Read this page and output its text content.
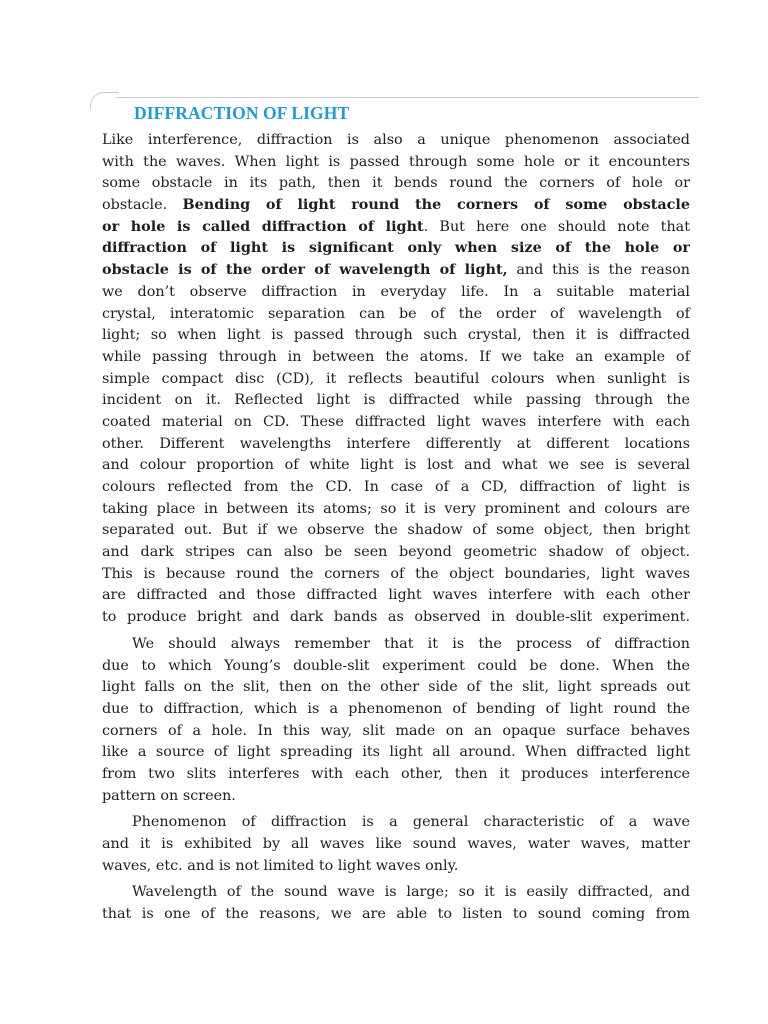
DIFFRACTION OF LIGHT
Like interference, diffraction is also a unique phenomenon associated
with the waves. When light is passed through some hole or it encounters
some obstacle in its path, then it bends round the corners of hole or
obstacle. Bending of light round the corners of some obstacle
or hole is called diffraction of light. But here one should note that
diffraction of light is significant only when size of the hole or
obstacle is of the order of wavelength of light, and this is the reason
we don’t observe diffraction in everyday life. In a suitable material
crystal, interatomic separation can be of the order of wavelength of
light; so when light is passed through such crystal, then it is diffracted
while passing through in between the atoms. If we take an example of
simple compact disc (CD), it reflects beautiful colours when sunlight is
incident on it. Reflected light is diffracted while passing through the
coated material on CD. These diffracted light waves interfere with each
other. Different wavelengths interfere differently at different locations
and colour proportion of white light is lost and what we see is several
colours reflected from the CD. In case of a CD, diffraction of light is
taking place in between its atoms; so it is very prominent and colours are
separated out. But if we observe the shadow of some object, then bright
and dark stripes can also be seen beyond geometric shadow of object.
This is because round the corners of the object boundaries, light waves
are diffracted and those diffracted light waves interfere with each other
to produce bright and dark bands as observed in double-slit experiment.
We should always remember that it is the process of diffraction
due to which Young’s double-slit experiment could be done. When the
light falls on the slit, then on the other side of the slit, light spreads out
due to diffraction, which is a phenomenon of bending of light round the
corners of a hole. In this way, slit made on an opaque surface behaves
like a source of light spreading its light all around. When diffracted light
from two slits interferes with each other, then it produces interference
pattern on screen.
Phenomenon of diffraction is a general characteristic of a wave
and it is exhibited by all waves like sound waves, water waves, matter
waves, etc. and is not limited to light waves only.
Wavelength of the sound wave is large; so it is easily diffracted, and
that is one of the reasons, we are able to listen to sound coming from
